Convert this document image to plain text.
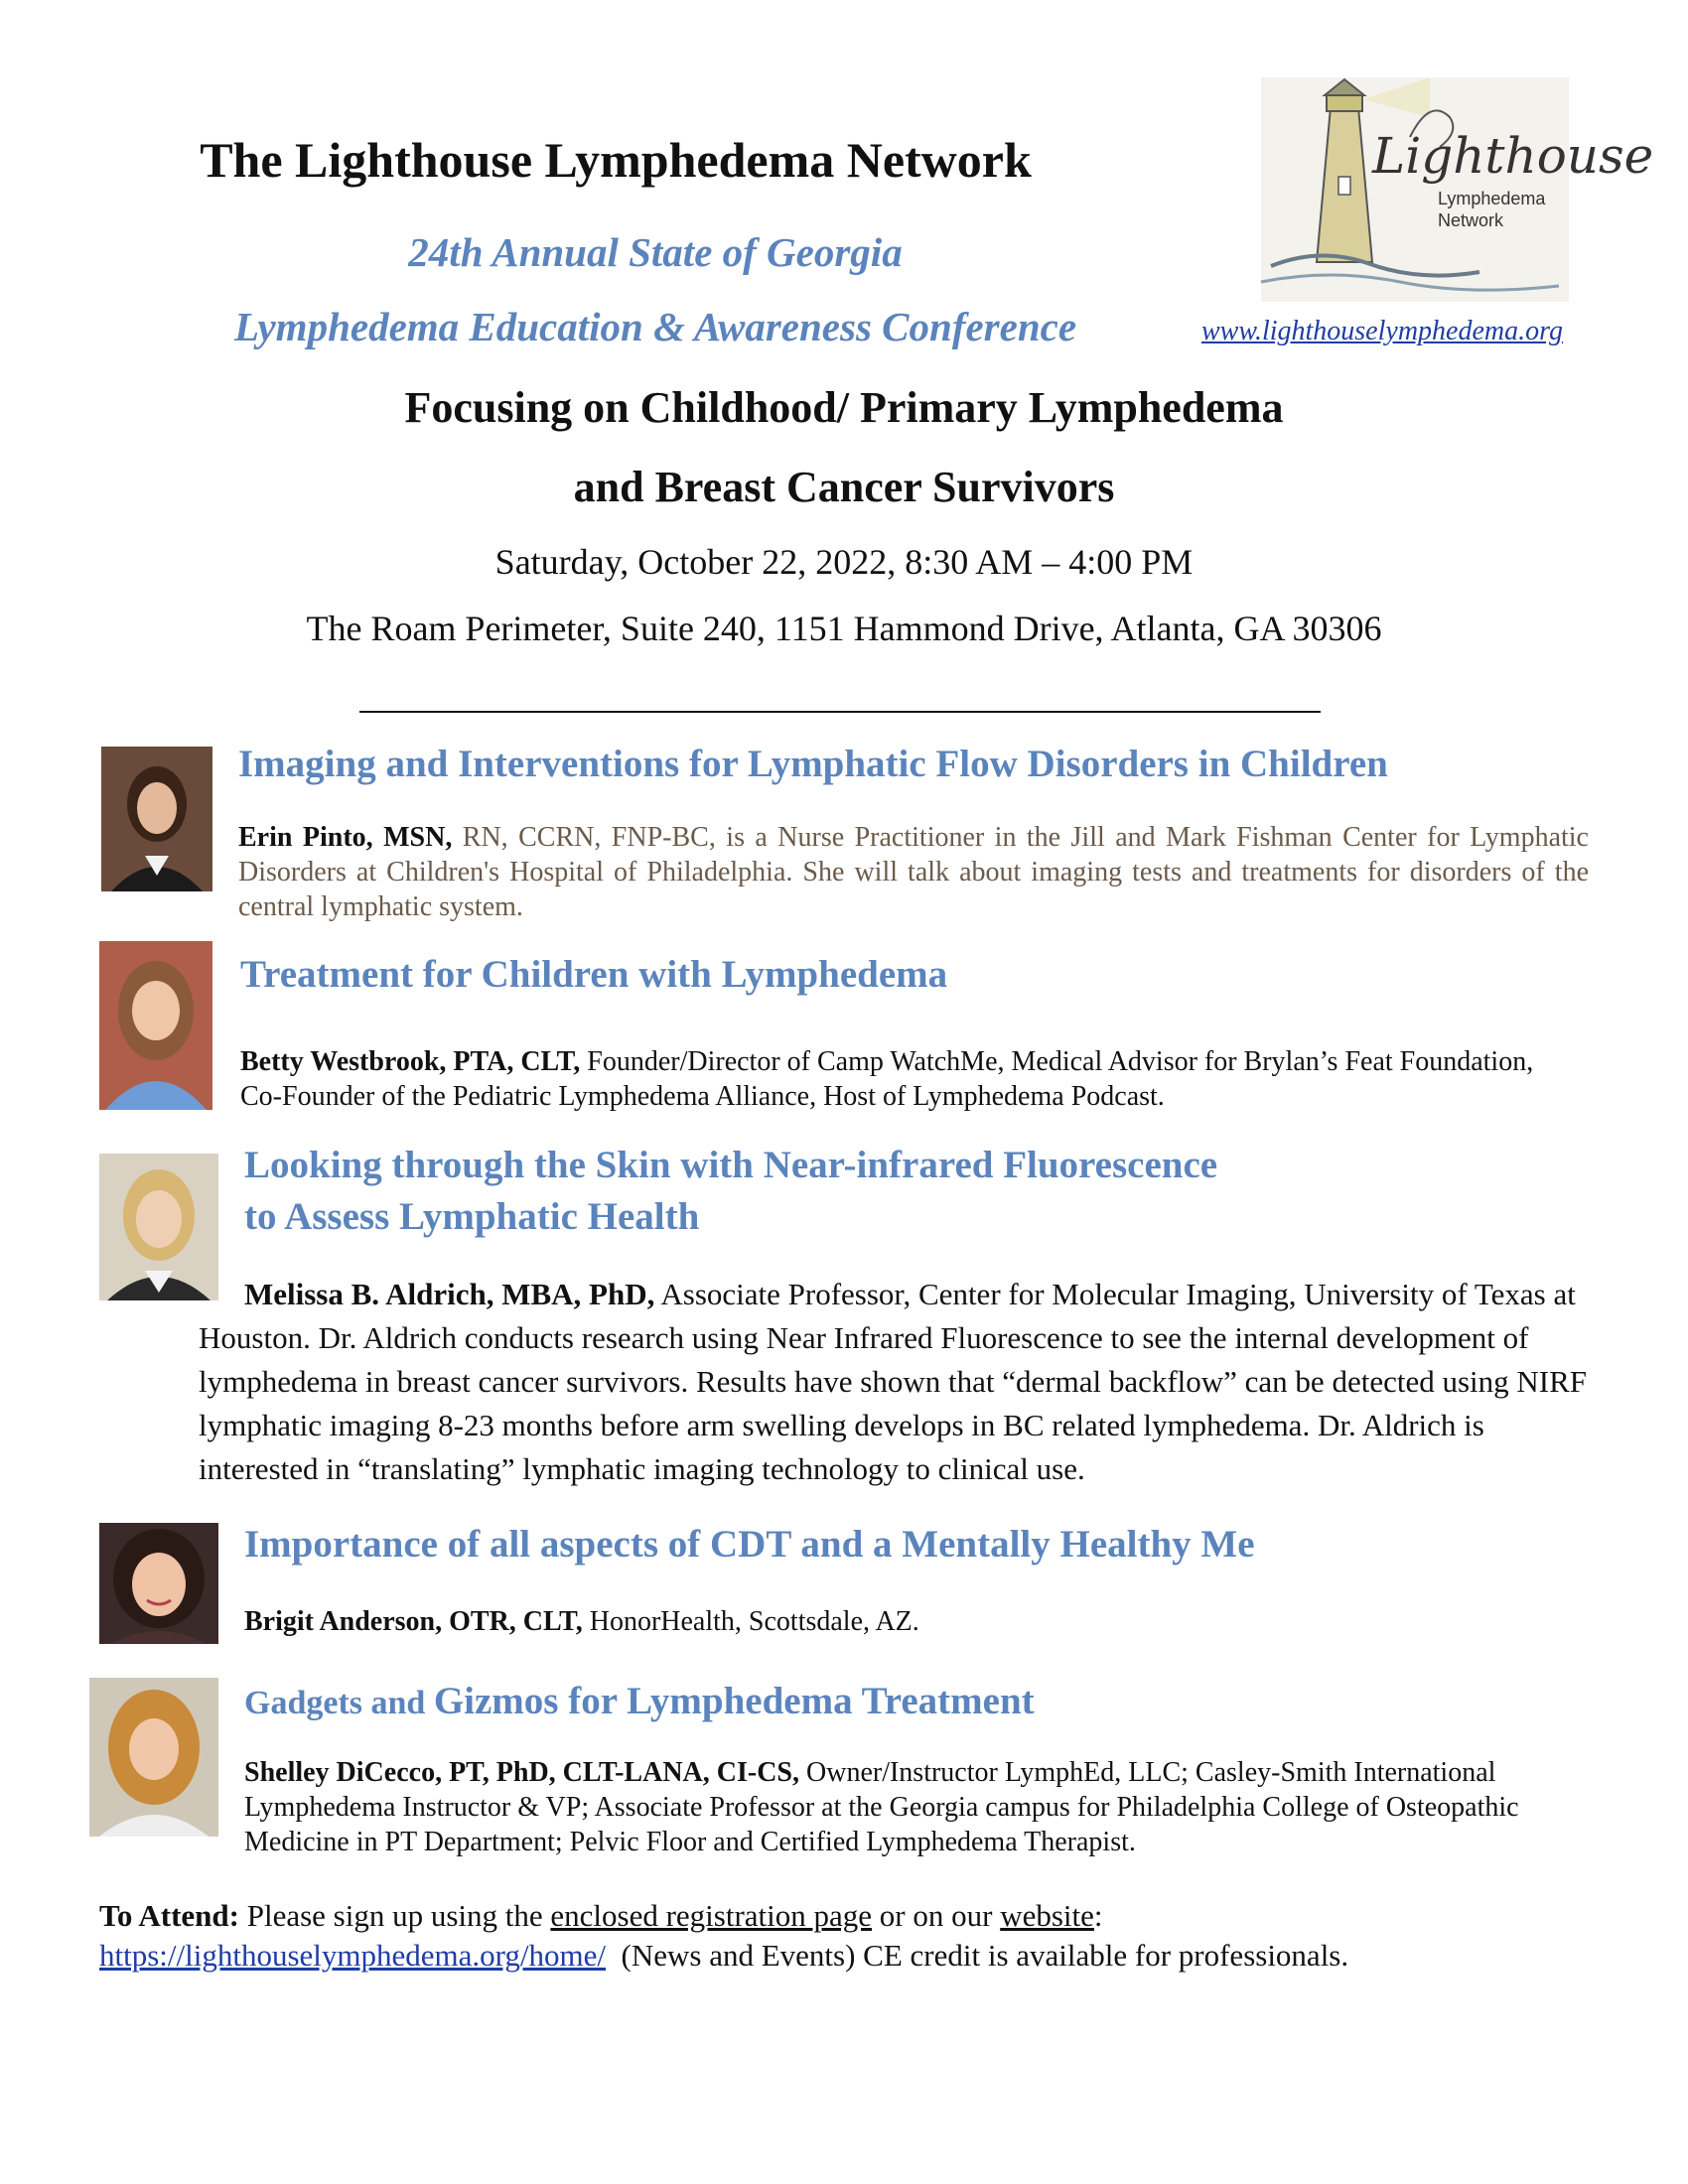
The Lighthouse Lymphedema Network
24th Annual State of Georgia
Lymphedema Education & Awareness Conference
Focusing on Childhood/ Primary Lymphedema
and Breast Cancer Survivors
Saturday, October 22, 2022, 8:30 AM – 4:00 PM
The Roam Perimeter, Suite 240, 1151 Hammond Drive, Atlanta, GA 30306
Lighthouse
Lymphedema
Network
www.lighthouselymphedema.org
Imaging and Interventions for Lymphatic Flow Disorders in Children
Erin Pinto, MSN, RN, CCRN, FNP-BC, is a Nurse Practitioner in the Jill and Mark Fishman Center for Lymphatic Disorders at Children's Hospital of Philadelphia. She will talk about imaging tests and treatments for disorders of the central lymphatic system.
Treatment for Children with Lymphedema
Betty Westbrook, PTA, CLT, Founder/Director of Camp WatchMe, Medical Advisor for Brylan’s Feat Foundation, Co-Founder of the Pediatric Lymphedema Alliance, Host of Lymphedema Podcast.
Looking through the Skin with Near-infrared Fluorescence
to Assess Lymphatic Health
Melissa B. Aldrich, MBA, PhD, Associate Professor, Center for Molecular Imaging, University of Texas at Houston. Dr. Aldrich conducts research using Near Infrared Fluorescence to see the internal development of lymphedema in breast cancer survivors. Results have shown that “dermal backflow” can be detected using NIRF lymphatic imaging 8-23 months before arm swelling develops in BC related lymphedema. Dr. Aldrich is interested in “translating” lymphatic imaging technology to clinical use.
Importance of all aspects of CDT and a Mentally Healthy Me
Brigit Anderson, OTR, CLT, HonorHealth, Scottsdale, AZ.
Gadgets and Gizmos for Lymphedema Treatment
Shelley DiCecco, PT, PhD, CLT-LANA, CI-CS, Owner/Instructor LymphEd, LLC; Casley-Smith International Lymphedema Instructor & VP; Associate Professor at the Georgia campus for Philadelphia College of Osteopathic Medicine in PT Department; Pelvic Floor and Certified Lymphedema Therapist.
To Attend: Please sign up using the enclosed registration page or on our website:
https://lighthouselymphedema.org/home/  (News and Events) CE credit is available for professionals.
